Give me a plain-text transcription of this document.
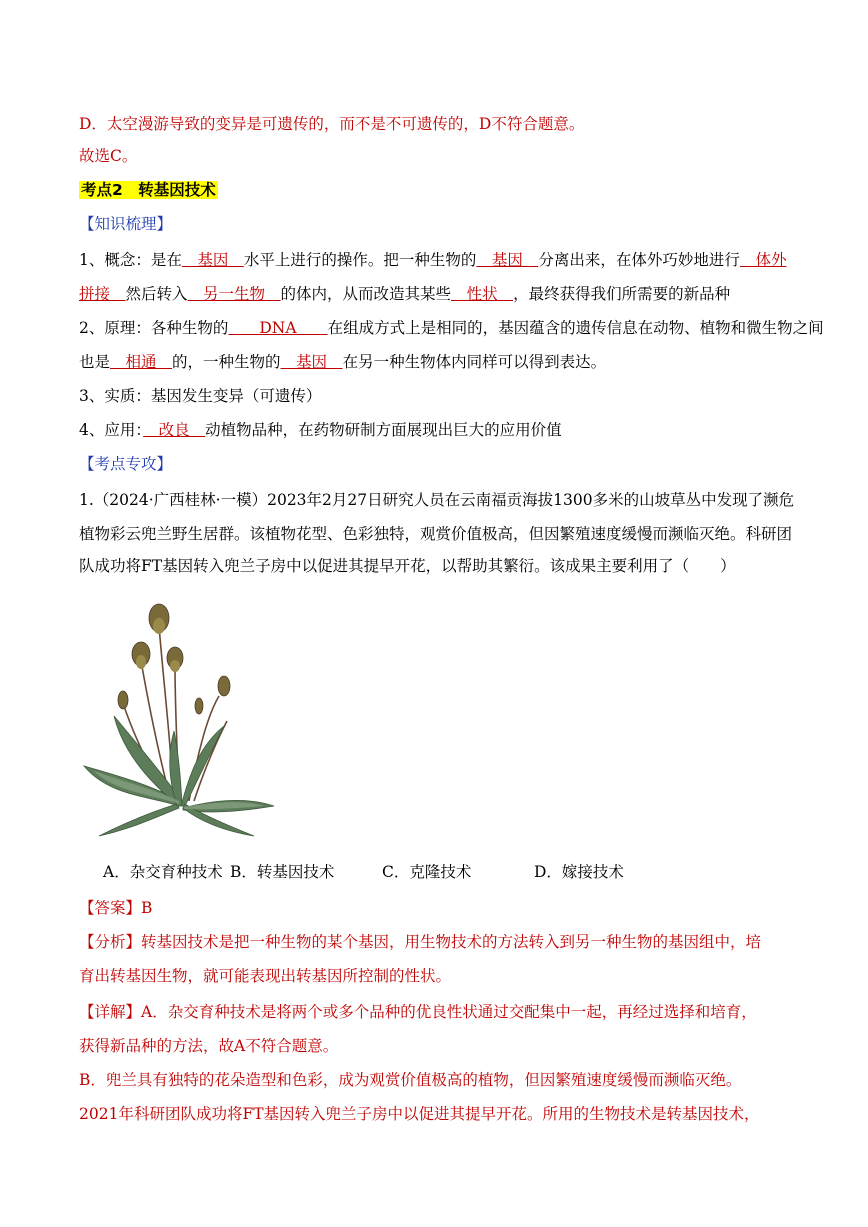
D．太空漫游导致的变异是可遗传的，而不是不可遗传的，D不符合题意。
故选C。
考点2　转基因技术
【知识梳理】
1、概念：是在　基因　水平上进行的操作。把一种生物的　基因　分离出来，在体外巧妙地进行　体外
拼接　然后转入　另一生物　的体内，从而改造其某些　性状　，最终获得我们所需要的新品种
2、原理：各种生物的　　DNA　　在组成方式上是相同的，基因蕴含的遗传信息在动物、植物和微生物之间
也是　相通　的，一种生物的　基因　在另一种生物体内同样可以得到表达。
3、实质：基因发生变异（可遗传）
4、应用：　改良　动植物品种，在药物研制方面展现出巨大的应用价值
【考点专攻】
1.（2024·广西桂林·一模）2023年2月27日研究人员在云南福贡海拔1300多米的山坡草丛中发现了濒危
植物彩云兜兰野生居群。该植物花型、色彩独特，观赏价值极高，但因繁殖速度缓慢而濒临灭绝。科研团
队成功将FT基因转入兜兰子房中以促进其提早开花，以帮助其繁衍。该成果主要利用了（　　）
A．杂交育种技术 B．转基因技术	C．克隆技术	D．嫁接技术
【答案】B
【分析】转基因技术是把一种生物的某个基因，用生物技术的方法转入到另一种生物的基因组中，培
育出转基因生物，就可能表现出转基因所控制的性状。
【详解】A．杂交育种技术是将两个或多个品种的优良性状通过交配集中一起，再经过选择和培育，
获得新品种的方法，故A不符合题意。
B．兜兰具有独特的花朵造型和色彩，成为观赏价值极高的植物，但因繁殖速度缓慢而濒临灭绝。
2021年科研团队成功将FT基因转入兜兰子房中以促进其提早开花。所用的生物技术是转基因技术，
